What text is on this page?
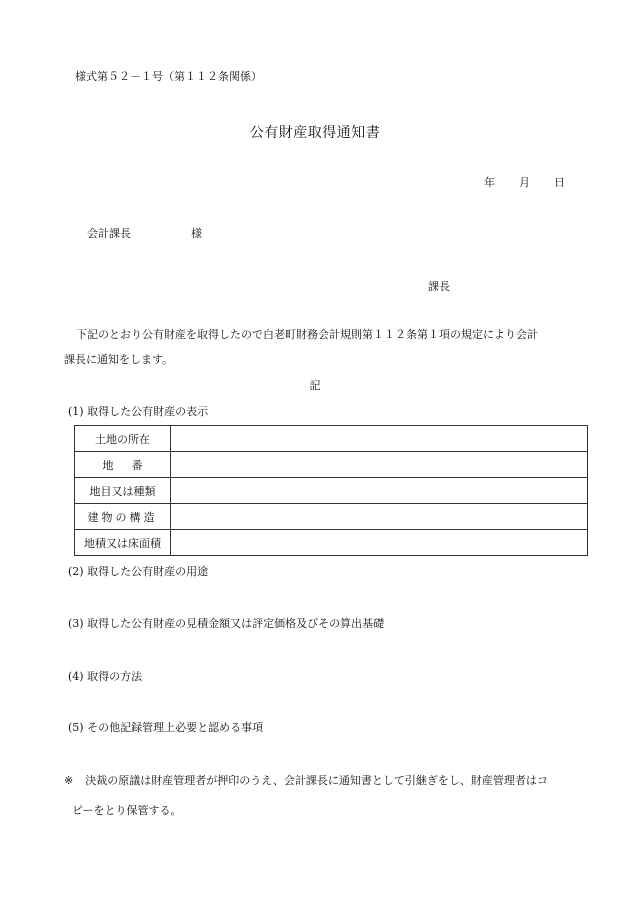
様式第５２－１号（第１１２条関係）
公有財産取得通知書
年 月 日
会計課長	様
課長
下記のとおり公有財産を取得したので白老町財務会計規則第１１２条第１項の規定により会計
課長に通知をします。
記
(1) 取得した公有財産の表示
土地の所在	
地番	
地目又は種類	
建物の構造	
地積又は床面積	
(2) 取得した公有財産の用途
(3) 取得した公有財産の見積金額又は評定価格及びその算出基礎
(4) 取得の方法
(5) その他記録管理上必要と認める事項
※ 決裁の原議は財産管理者が押印のうえ、会計課長に通知書として引継ぎをし、財産管理者はコ
ピーをとり保管する。
